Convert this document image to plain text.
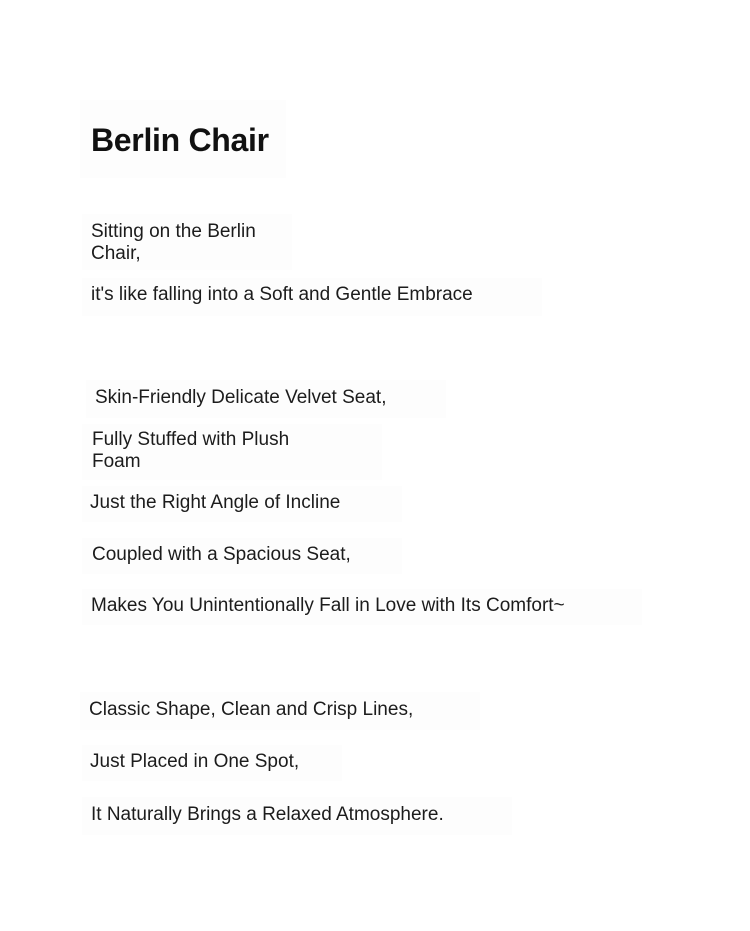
Berlin Chair
Sitting on the Berlin
Chair,
it's like falling into a Soft and Gentle Embrace
Skin-Friendly Delicate Velvet Seat,
Fully Stuffed with Plush
Foam
Just the Right Angle of Incline
Coupled with a Spacious Seat,
Makes You Unintentionally Fall in Love with Its Comfort~
Classic Shape, Clean and Crisp Lines,
Just Placed in One Spot,
It Naturally Brings a Relaxed Atmosphere.
